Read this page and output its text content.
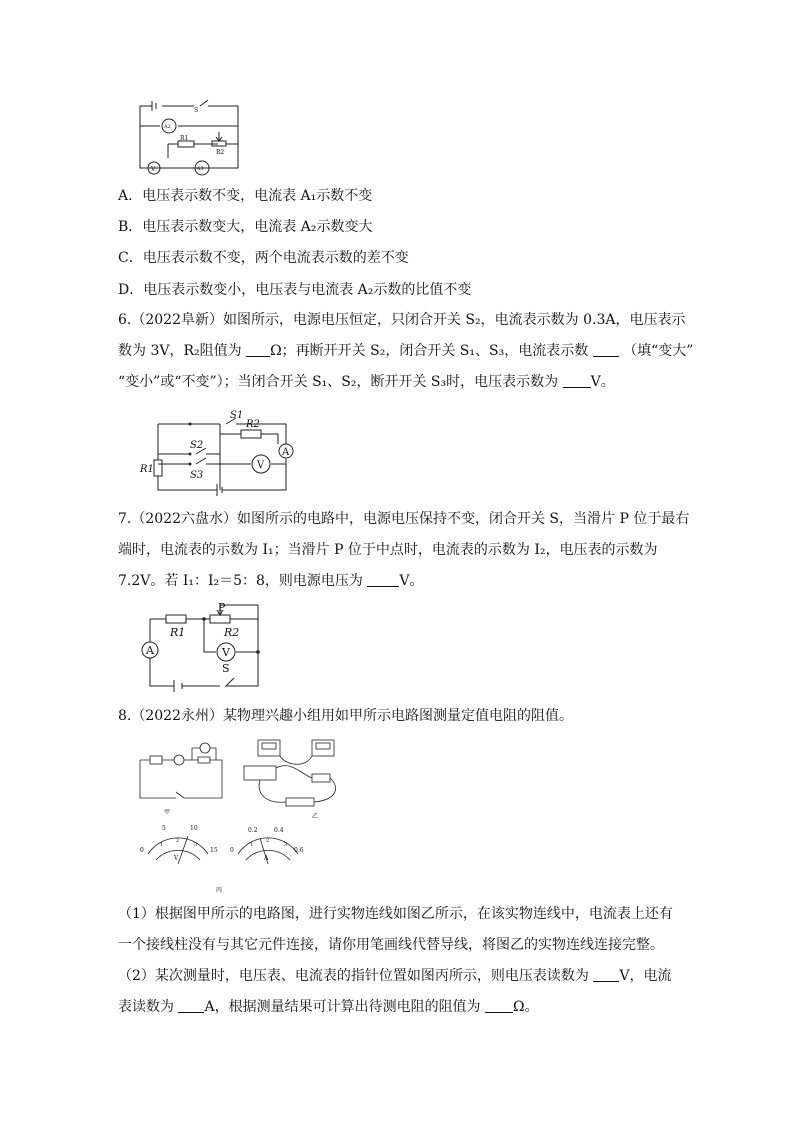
S
A2
R1
R2
V	A1
A．电压表示数不变，电流表 A₁示数不变
B．电压表示数变大，电流表 A₂示数变大
C．电压表示数不变，两个电流表示数的差不变
D．电压表示数变小，电压表与电流表 A₂示数的比值不变
6.（2022阜新）如图所示，电源电压恒定，只闭合开关 S₂，电流表示数为 0.3A，电压表示
数为 3V，R₂阻值为 Ω；再断开开关 S₂，闭合开关 S₁、S₃，电流表示数 （填“变大”
“变小”或“不变”）；当闭合开关 S₁、S₂，断开开关 S₃时，电压表示数为 V。
S1
R2
R1
S2
S3
V
A
7.（2022六盘水）如图所示的电路中，电源电压保持不变，闭合开关 S，当滑片 P 位于最右
端时，电流表的示数为 I₁；当滑片 P 位于中点时，电流表的示数为 I₂，电压表的示数为
7.2V。若 I₁：I₂＝5：8，则电源电压为	V。
P
R1	R2
A	V
S
8.（2022永州）某物理兴趣小组用如甲所示电路图测量定值电阻的阻值。
甲
乙
0
5	10
15
1
2
3
V
0
0.2	0.4
0.6
1
2
3
A
丙
（1）根据图甲所示的电路图，进行实物连线如图乙所示，在该实物连线中，电流表上还有
一个接线柱没有与其它元件连接，请你用笔画线代替导线，将图乙的实物连线连接完整。
（2）某次测量时，电压表、电流表的指针位置如图丙所示，则电压表读数为 V，电流
表读数为 A，根据测量结果可计算出待测电阻的阻值为 Ω。
